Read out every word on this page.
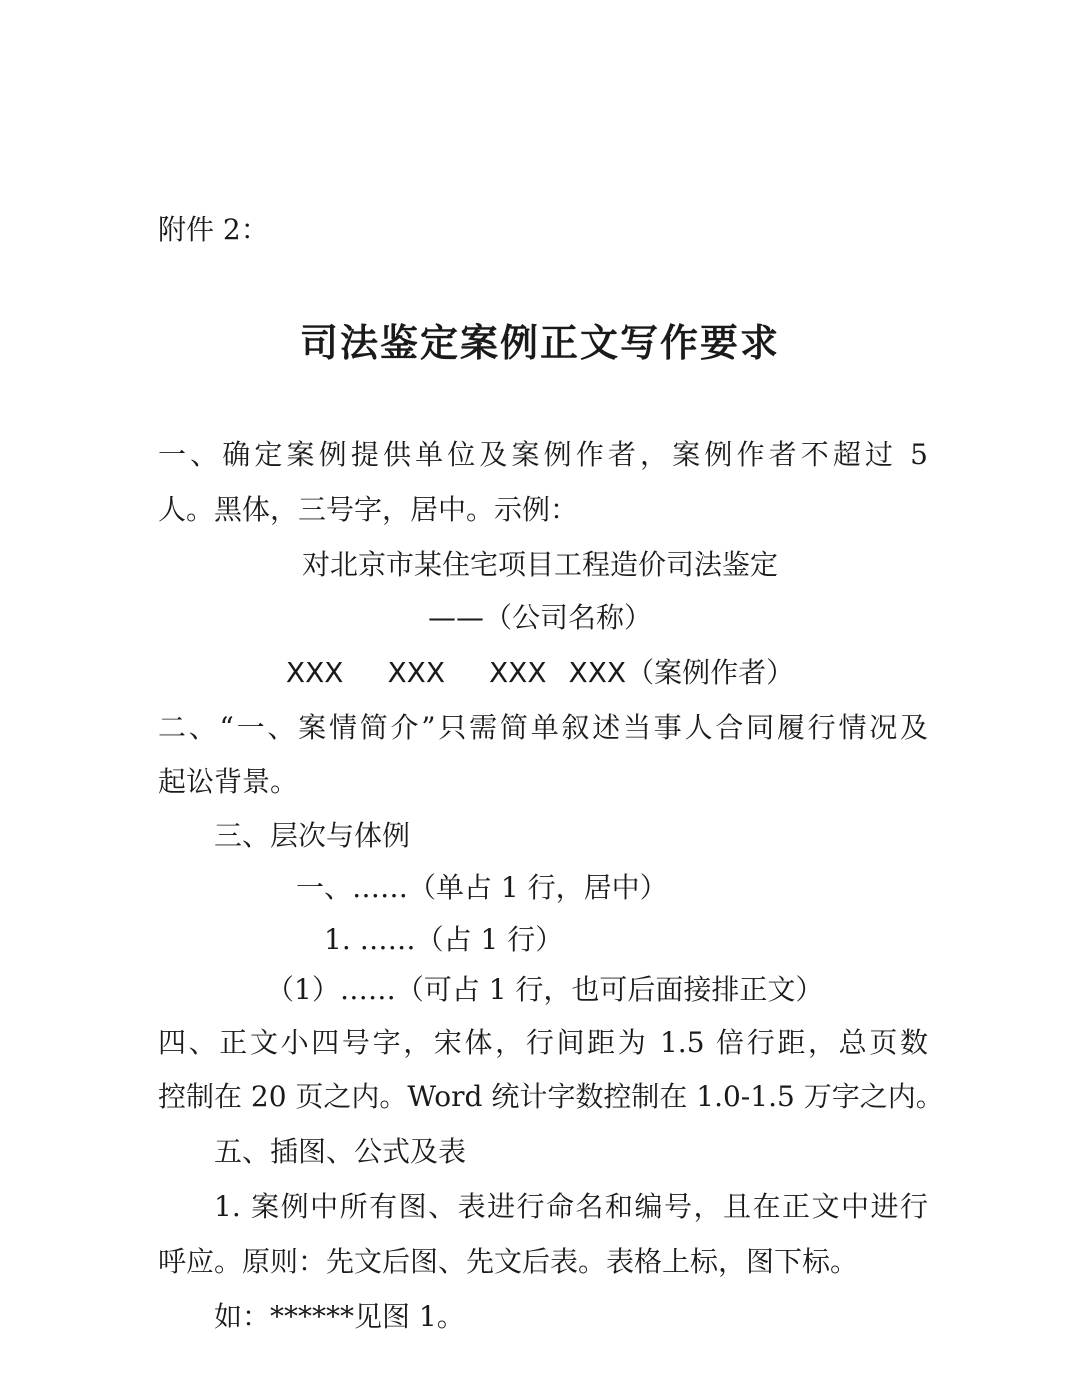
附件 2：
司法鉴定案例正文写作要求
一、确定案例提供单位及案例作者，案例作者不超过 5
人。黑体，三号字，居中。示例：
对北京市某住宅项目工程造价司法鉴定
——（公司名称）
XXX XXX XXX XXX（案例作者）
二、“一、案情简介”只需简单叙述当事人合同履行情况及
起讼背景。
三、层次与体例
一、……（单占 1 行，居中）
1. ……（占 1 行）
（1）……（可占 1 行，也可后面接排正文）
四、正文小四号字，宋体，行间距为 1.5 倍行距，总页数
控制在 20 页之内。Word 统计字数控制在 1.0-1.5 万字之内。
五、插图、公式及表
1. 案例中所有图、表进行命名和编号，且在正文中进行
呼应。原则：先文后图、先文后表。表格上标，图下标。
如：******见图 1。
